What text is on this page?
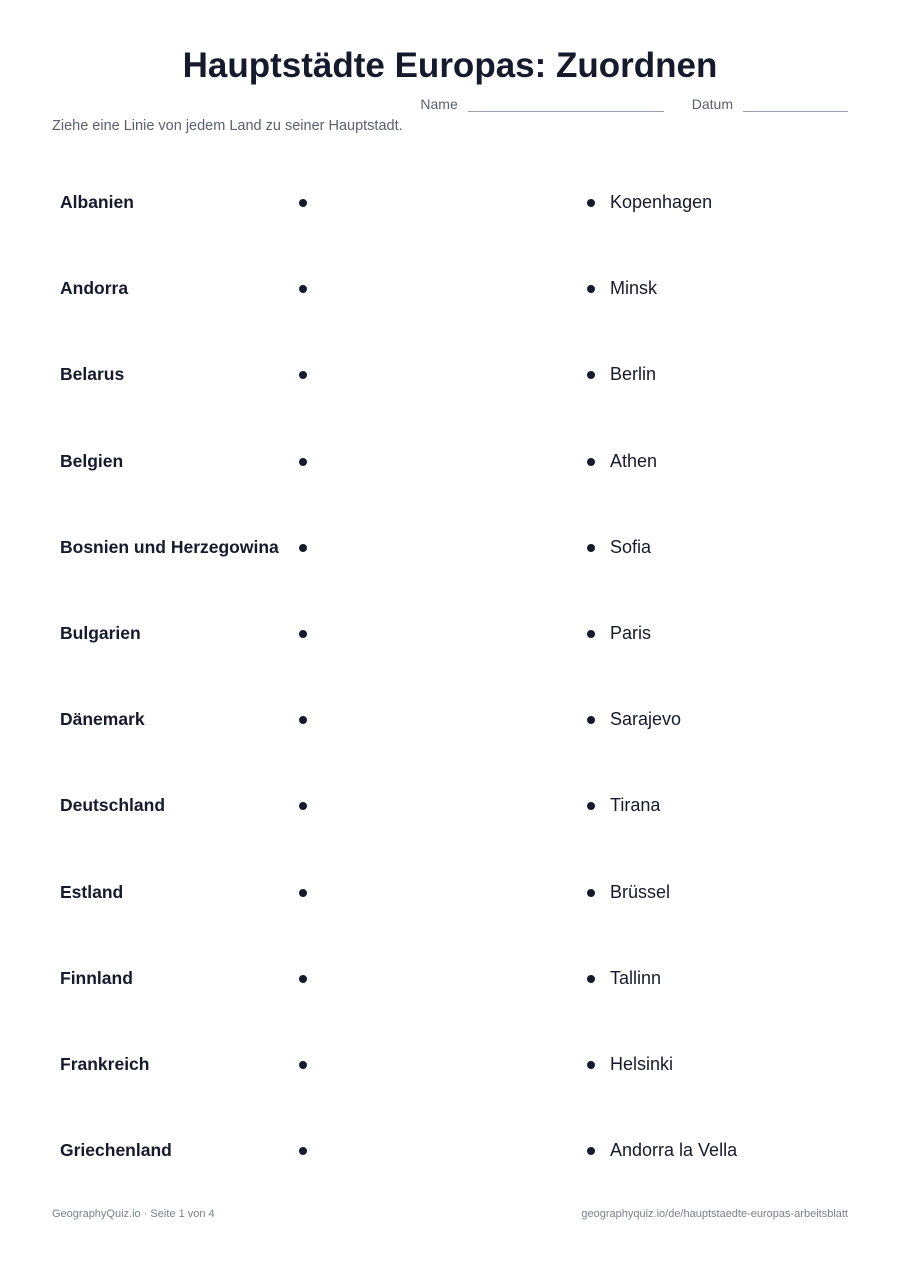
Hauptstädte Europas: Zuordnen
Name	Datum
Ziehe eine Linie von jedem Land zu seiner Hauptstadt.
Albanien	Kopenhagen
Andorra	Minsk
Belarus	Berlin
Belgien	Athen
Bosnien und Herzegowina	Sofia
Bulgarien	Paris
Dänemark	Sarajevo
Deutschland	Tirana
Estland	Brüssel
Finnland	Tallinn
Frankreich	Helsinki
Griechenland	Andorra la Vella
GeographyQuiz.io · Seite 1 von 4	geographyquiz.io/de/hauptstaedte-europas-arbeitsblatt
